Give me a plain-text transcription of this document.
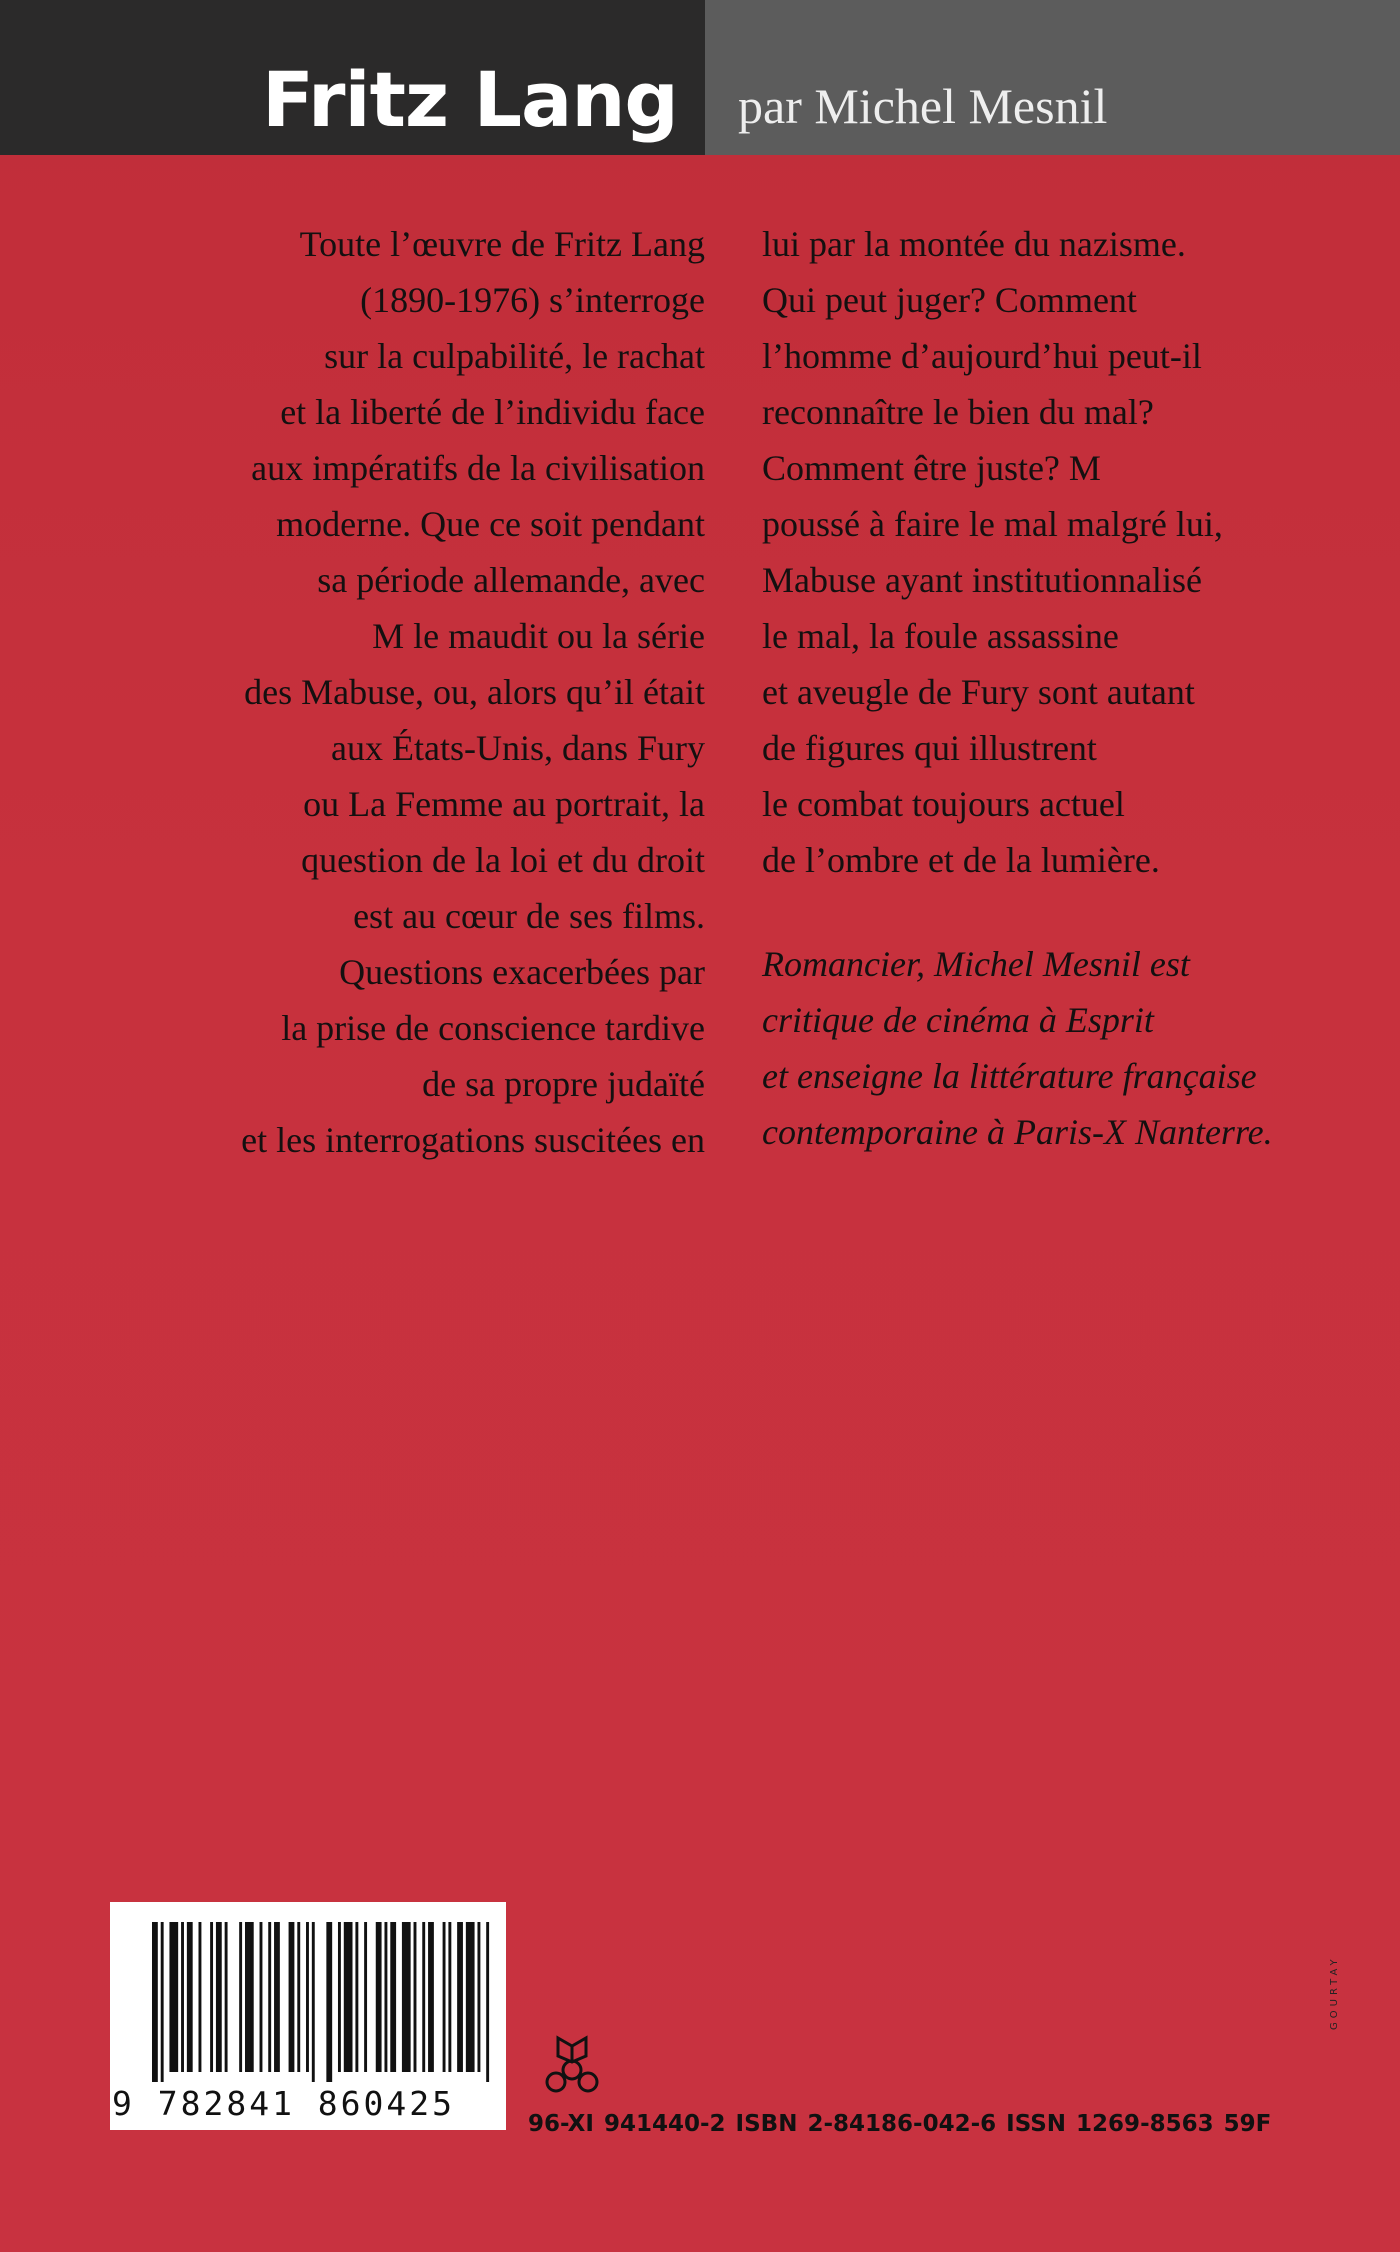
Fritz Lang	par Michel Mesnil
Toute l’œuvre de Fritz Lang
(1890-1976) s’interroge
sur la culpabilité, le rachat
et la liberté de l’individu face
aux impératifs de la civilisation
moderne. Que ce soit pendant
sa période allemande, avec
M le maudit ou la série
des Mabuse, ou, alors qu’il était
aux États-Unis, dans Fury
ou La Femme au portrait, la
question de la loi et du droit
est au cœur de ses films.
Questions exacerbées par
la prise de conscience tardive
de sa propre judaïté
et les interrogations suscitées en
lui par la montée du nazisme.
Qui peut juger? Comment
l’homme d’aujourd’hui peut-il
reconnaître le bien du mal?
Comment être juste? M
poussé à faire le mal malgré lui,
Mabuse ayant institutionnalisé
le mal, la foule assassine
et aveugle de Fury sont autant
de figures qui illustrent
le combat toujours actuel
de l’ombre et de la lumière.
Romancier, Michel Mesnil est
critique de cinéma à Esprit
et enseigne la littérature française
contemporaine à Paris-X Nanterre.
9 782841 860425
96-XI 941440-2 ISBN 2-84186-042-6 ISSN 1269-8563 59F
GOURTAY
